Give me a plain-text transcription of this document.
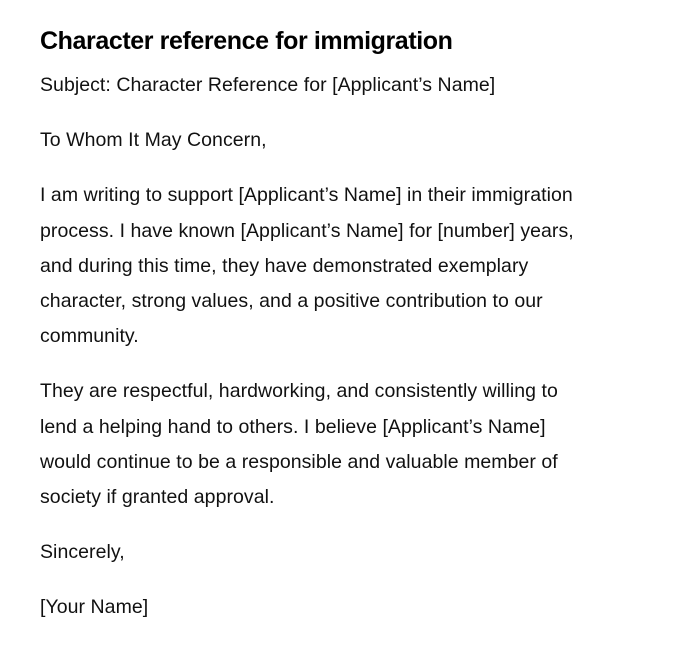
Character reference for immigration

Subject: Character Reference for [Applicant’s Name]

To Whom It May Concern,

I am writing to support [Applicant’s Name] in their immigration
process. I have known [Applicant’s Name] for [number] years,
and during this time, they have demonstrated exemplary
character, strong values, and a positive contribution to our
community.

They are respectful, hardworking, and consistently willing to
lend a helping hand to others. I believe [Applicant’s Name]
would continue to be a responsible and valuable member of
society if granted approval.

Sincerely,

[Your Name]
